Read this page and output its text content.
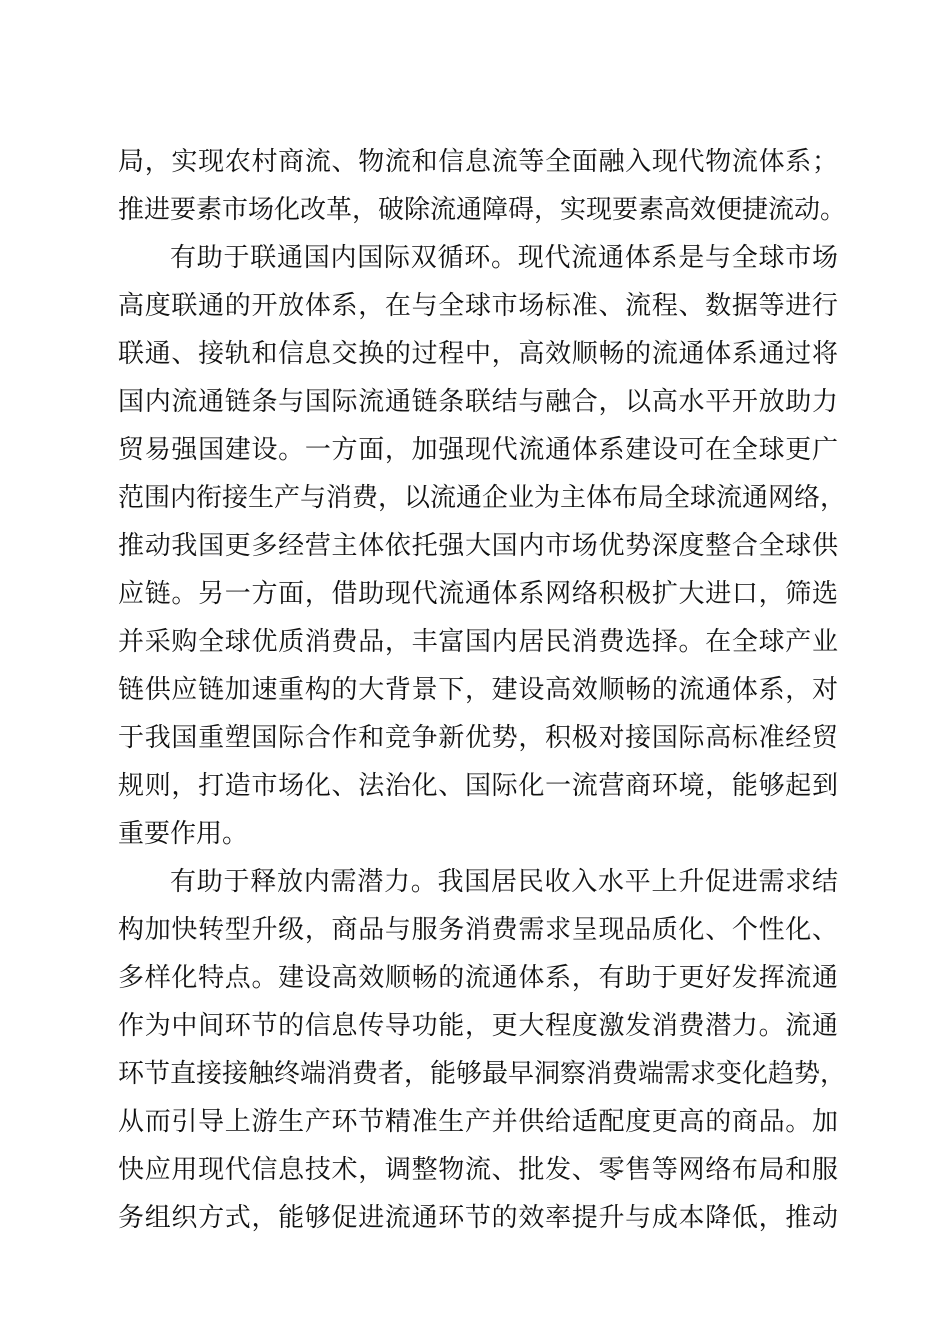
局，实现农村商流、物流和信息流等全面融入现代物流体系；
推进要素市场化改革，破除流通障碍，实现要素高效便捷流动。
有助于联通国内国际双循环。现代流通体系是与全球市场
高度联通的开放体系，在与全球市场标准、流程、数据等进行
联通、接轨和信息交换的过程中，高效顺畅的流通体系通过将
国内流通链条与国际流通链条联结与融合，以高水平开放助力
贸易强国建设。一方面，加强现代流通体系建设可在全球更广
范围内衔接生产与消费，以流通企业为主体布局全球流通网络，
推动我国更多经营主体依托强大国内市场优势深度整合全球供
应链。另一方面，借助现代流通体系网络积极扩大进口，筛选
并采购全球优质消费品，丰富国内居民消费选择。在全球产业
链供应链加速重构的大背景下，建设高效顺畅的流通体系，对
于我国重塑国际合作和竞争新优势，积极对接国际高标准经贸
规则，打造市场化、法治化、国际化一流营商环境，能够起到
重要作用。
有助于释放内需潜力。我国居民收入水平上升促进需求结
构加快转型升级，商品与服务消费需求呈现品质化、个性化、
多样化特点。建设高效顺畅的流通体系，有助于更好发挥流通
作为中间环节的信息传导功能，更大程度激发消费潜力。流通
环节直接接触终端消费者，能够最早洞察消费端需求变化趋势，
从而引导上游生产环节精准生产并供给适配度更高的商品。加
快应用现代信息技术，调整物流、批发、零售等网络布局和服
务组织方式，能够促进流通环节的效率提升与成本降低，推动
